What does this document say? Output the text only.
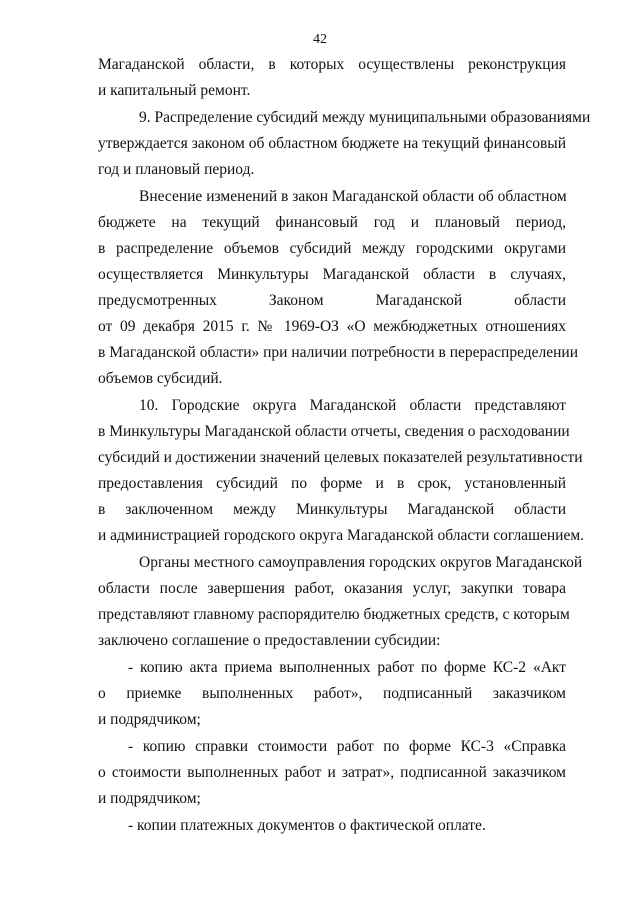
42
Магаданской области, в которых осуществлены реконструкция
и капитальный ремонт.
9. Распределение субсидий между муниципальными образованиями
утверждается законом об областном бюджете на текущий финансовый
год и плановый период.
Внесение изменений в закон Магаданской области об областном
бюджете на текущий финансовый год и плановый период,
в распределение объемов субсидий между городскими округами
осуществляется Минкультуры Магаданской области в случаях,
предусмотренных Законом Магаданской области
от 09 декабря 2015 г. № 1969-ОЗ «О межбюджетных отношениях
в Магаданской области» при наличии потребности в перераспределении
объемов субсидий.
10. Городские округа Магаданской области представляют
в Минкультуры Магаданской области отчеты, сведения о расходовании
субсидий и достижении значений целевых показателей результативности
предоставления субсидий по форме и в срок, установленный
в заключенном между Минкультуры Магаданской области
и администрацией городского округа Магаданской области соглашением.
Органы местного самоуправления городских округов Магаданской
области после завершения работ, оказания услуг, закупки товара
представляют главному распорядителю бюджетных средств, с которым
заключено соглашение о предоставлении субсидии:
- копию акта приема выполненных работ по форме КС-2 «Акт
о приемке выполненных работ», подписанный заказчиком
и подрядчиком;
- копию справки стоимости работ по форме КС-3 «Справка
о стоимости выполненных работ и затрат», подписанной заказчиком
и подрядчиком;
- копии платежных документов о фактической оплате.
